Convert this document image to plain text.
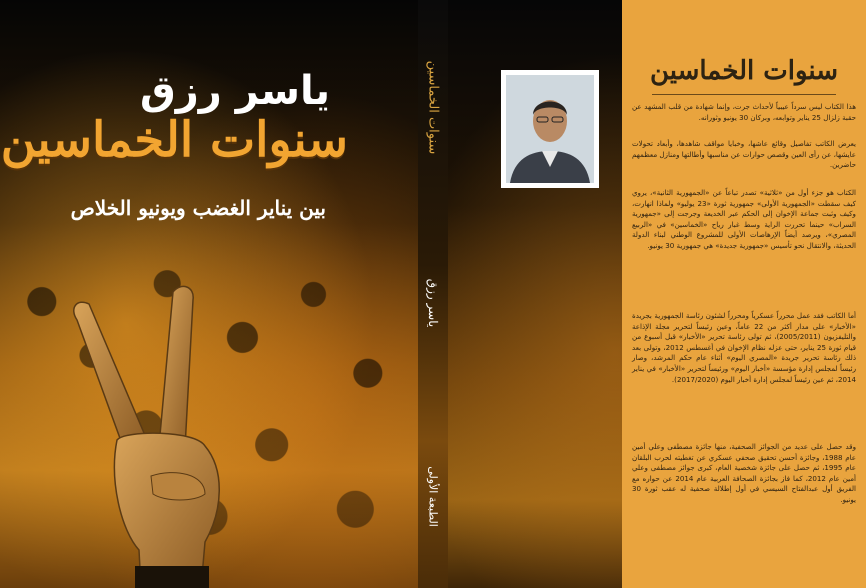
ياسر رزق
سنوات الخماسين
بين يناير الغضب ويونيو الخلاص
سنوات الخماسين
ياسر رزق
الطبعة الأولى
سنوات الخماسين
هذا الكتاب ليس سرداً عيبياً لأحداث جرت، وإنما شهادة من قلب المشهد عن حقبة زلزال 25 يناير وتوابعه، وبركان 30 يونيو وثورانه.
يعرض الكاتب تفاصيل وقائع عاشها، وخبايا مواقف شاهدها، وأبعاد تحولات عايشها، عن رأى العين وقصص حوارات عن مناسبها وأطالتها ومنازل معظمهم حاضرين.
الكتاب هو جزء أول من «ثلاثية» تصدر تباعاً عن «الجمهورية الثانية»، يروي كيف سقطت «الجمهورية الأولى» جمهورية ثورة «23 يوليو» ولماذا انهارت، وكيف وثبت جماعة الإخوان إلى الحكم عبر الخديعة وجرجت إلى «جمهورية السراب» حينما تحررت الراية وسط غبار رياح «الخماسين» في «الربيع المصري»، ويرصد أيضاً الإرهاصات الأولى للمشروع الوطني لبناء الدولة الحديثة، والانتقال نحو تأسيس «جمهورية جديدة» هي جمهورية 30 يونيو.
أما الكاتب فقد عمل محرراً عسكرياً ومحرراً لشئون رئاسة الجمهورية بجريدة «الأخبار» على مدار أكثر من 22 عاماً، وعين رئيساً لتحرير مجلة الإذاعة والتليفزيون (2005/2011)، ثم تولى رئاسة تحرير «الأخبار» قبل أسبوع من قيام ثورة 25 يناير، حتى عزله نظام الإخوان في أغسطس 2012، وتولى بعد ذلك رئاسة تحرير جريدة «المصري اليوم» أثناء عام حكم المرشد، وصار رئيساً لمجلس إدارة مؤسسة «أخبار اليوم» ورئيساً لتحرير «الأخبار» في يناير 2014، ثم عين رئيساً لمجلس إدارة أخبار اليوم (2017/2020).
وقد حصل على عديد من الجوائز الصحفية، منها جائزة مصطفى وعلي أمين عام 1988، وجائزة أحسن تحقيق صحفي عسكري عن تغطيته لحرب البلقان عام 1995، ثم حصل على جائزة شخصية العام، كبرى جوائز مصطفى وعلي أمين عام 2012، كما فاز بجائزة الصحافة العربية عام 2014 عن حواره مع الفريق أول عبدالفتاح السيسي في أول إطلالة صحفية له عقب ثورة 30 يونيو.
